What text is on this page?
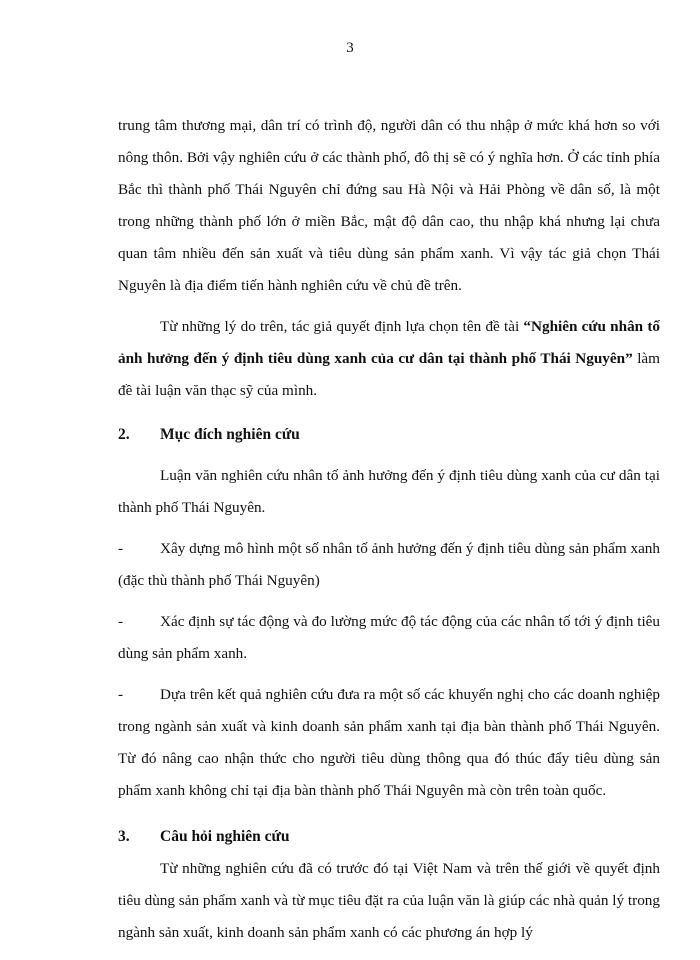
3

trung tâm thương mại, dân trí có trình độ, người dân có thu nhập ở mức khá hơn so với nông thôn. Bởi vậy nghiên cứu ở các thành phố, đô thị sẽ có ý nghĩa hơn. Ở các tỉnh phía Bắc thì thành phố Thái Nguyên chỉ đứng sau Hà Nội và Hải Phòng về dân số, là một trong những thành phố lớn ở miền Bắc, mật độ dân cao, thu nhập khá nhưng lại chưa quan tâm nhiều đến sản xuất và tiêu dùng sản phẩm xanh. Vì vậy tác giả chọn Thái Nguyên là địa điểm tiến hành nghiên cứu về chủ đề trên.

Từ những lý do trên, tác giả quyết định lựa chọn tên đề tài “Nghiên cứu nhân tố ảnh hưởng đến ý định tiêu dùng xanh của cư dân tại thành phố Thái Nguyên” làm đề tài luận văn thạc sỹ của mình.

2.	Mục đích nghiên cứu

Luận văn nghiên cứu nhân tố ảnh hưởng đến ý định tiêu dùng xanh của cư dân tại thành phố Thái Nguyên.

- Xây dựng mô hình một số nhân tố ảnh hưởng đến ý định tiêu dùng sản phẩm xanh (đặc thù thành phố Thái Nguyên)

- Xác định sự tác động và đo lường mức độ tác động của các nhân tố tới ý định tiêu dùng sản phẩm xanh.

- Dựa trên kết quả nghiên cứu đưa ra một số các khuyến nghị cho các doanh nghiệp trong ngành sản xuất và kinh doanh sản phẩm xanh tại địa bàn thành phố Thái Nguyên. Từ đó nâng cao nhận thức cho người tiêu dùng thông qua đó thúc đẩy tiêu dùng sản phẩm xanh không chỉ tại địa bàn thành phố Thái Nguyên mà còn trên toàn quốc.

3.	Câu hỏi nghiên cứu

Từ những nghiên cứu đã có trước đó tại Việt Nam và trên thế giới về quyết định tiêu dùng sản phẩm xanh và từ mục tiêu đặt ra của luận văn là giúp các nhà quản lý trong ngành sản xuất, kinh doanh sản phẩm xanh có các phương án hợp lý
